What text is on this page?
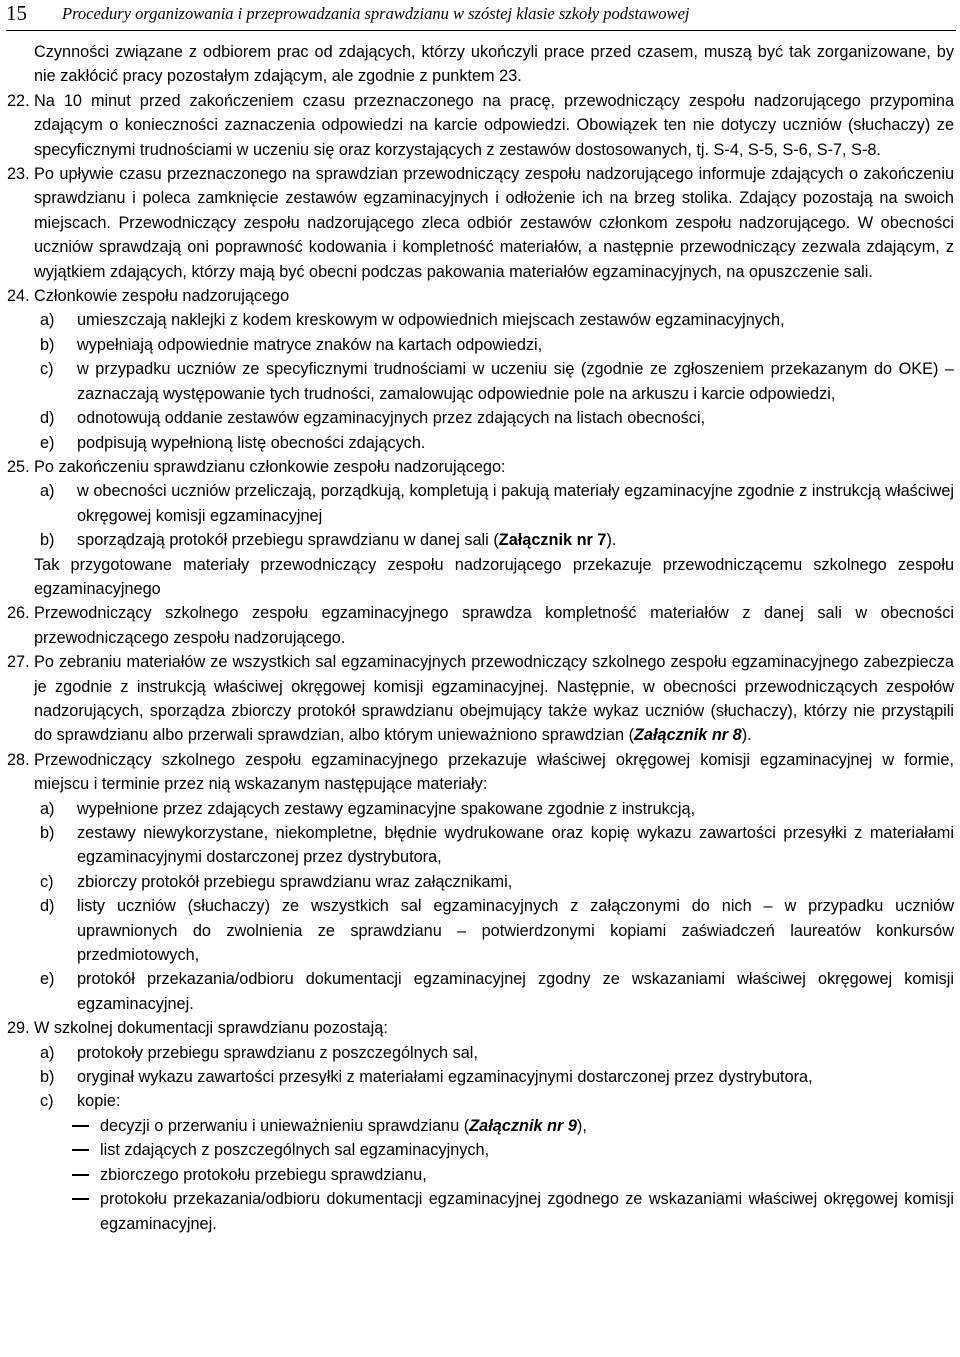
15 Procedury organizowania i przeprowadzania sprawdzianu w szóstej klasie szkoły podstawowej

Czynności związane z odbiorem prac od zdających, którzy ukończyli prace przed czasem, muszą być tak zorganizowane, by nie zakłócić pracy pozostałym zdającym, ale zgodnie z punktem 23.

22. Na 10 minut przed zakończeniem czasu przeznaczonego na pracę, przewodniczący zespołu nadzorującego przypomina zdającym o konieczności zaznaczenia odpowiedzi na karcie odpowiedzi. Obowiązek ten nie dotyczy uczniów (słuchaczy) ze specyficznymi trudnościami w uczeniu się oraz korzystających z zestawów dostosowanych, tj. S-4, S-5, S-6, S-7, S-8.
23. Po upływie czasu przeznaczonego na sprawdzian przewodniczący zespołu nadzorującego informuje zdających o zakończeniu sprawdzianu i poleca zamknięcie zestawów egzaminacyjnych i odłożenie ich na brzeg stolika. Zdający pozostają na swoich miejscach. Przewodniczący zespołu nadzorującego zleca odbiór zestawów członkom zespołu nadzorującego. W obecności uczniów sprawdzają oni poprawność kodowania i kompletność materiałów, a następnie przewodniczący zezwala zdającym, z wyjątkiem zdających, którzy mają być obecni podczas pakowania materiałów egzaminacyjnych, na opuszczenie sali.
24. Członkowie zespołu nadzorującego
a) umieszczają naklejki z kodem kreskowym w odpowiednich miejscach zestawów egzaminacyjnych,
b) wypełniają odpowiednie matryce znaków na kartach odpowiedzi,
c) w przypadku uczniów ze specyficznymi trudnościami w uczeniu się (zgodnie ze zgłoszeniem przekazanym do OKE) – zaznaczają występowanie tych trudności, zamalowując odpowiednie pole na arkuszu i karcie odpowiedzi,
d) odnotowują oddanie zestawów egzaminacyjnych przez zdających na listach obecności,
e) podpisują wypełnioną listę obecności zdających.
25. Po zakończeniu sprawdzianu członkowie zespołu nadzorującego:
a) w obecności uczniów przeliczają, porządkują, kompletują i pakują materiały egzaminacyjne zgodnie z instrukcją właściwej okręgowej komisji egzaminacyjnej
b) sporządzają protokół przebiegu sprawdzianu w danej sali (Załącznik nr 7).

Tak przygotowane materiały przewodniczący zespołu nadzorującego przekazuje przewodniczącemu szkolnego zespołu egzaminacyjnego

26. Przewodniczący szkolnego zespołu egzaminacyjnego sprawdza kompletność materiałów z danej sali w obecności przewodniczącego zespołu nadzorującego.
27. Po zebraniu materiałów ze wszystkich sal egzaminacyjnych przewodniczący szkolnego zespołu egzaminacyjnego zabezpiecza je zgodnie z instrukcją właściwej okręgowej komisji egzaminacyjnej. Następnie, w obecności przewodniczących zespołów nadzorujących, sporządza zbiorczy protokół sprawdzianu obejmujący także wykaz uczniów (słuchaczy), którzy nie przystąpili do sprawdzianu albo przerwali sprawdzian, albo którym unieważniono sprawdzian (Załącznik nr 8).
28. Przewodniczący szkolnego zespołu egzaminacyjnego przekazuje właściwej okręgowej komisji egzaminacyjnej w formie, miejscu i terminie przez nią wskazanym następujące materiały:
a) wypełnione przez zdających zestawy egzaminacyjne spakowane zgodnie z instrukcją,
b) zestawy niewykorzystane, niekompletne, błędnie wydrukowane oraz kopię wykazu zawartości przesyłki z materiałami egzaminacyjnymi dostarczonej przez dystrybutora,
c) zbiorczy protokół przebiegu sprawdzianu wraz załącznikami,
d) listy uczniów (słuchaczy) ze wszystkich sal egzaminacyjnych z załączonymi do nich – w przypadku uczniów uprawnionych do zwolnienia ze sprawdzianu – potwierdzonymi kopiami zaświadczeń laureatów konkursów przedmiotowych,
e) protokół przekazania/odbioru dokumentacji egzaminacyjnej zgodny ze wskazaniami właściwej okręgowej komisji egzaminacyjnej.
29. W szkolnej dokumentacji sprawdzianu pozostają:
a) protokoły przebiegu sprawdzianu z poszczególnych sal,
b) oryginał wykazu zawartości przesyłki z materiałami egzaminacyjnymi dostarczonej przez dystrybutora,
c) kopie:
decyzji o przerwaniu i unieważnieniu sprawdzianu (Załącznik nr 9),
list zdających z poszczególnych sal egzaminacyjnych,
zbiorczego protokołu przebiegu sprawdzianu,
protokołu przekazania/odbioru dokumentacji egzaminacyjnej zgodnego ze wskazaniami właściwej okręgowej komisji egzaminacyjnej.
